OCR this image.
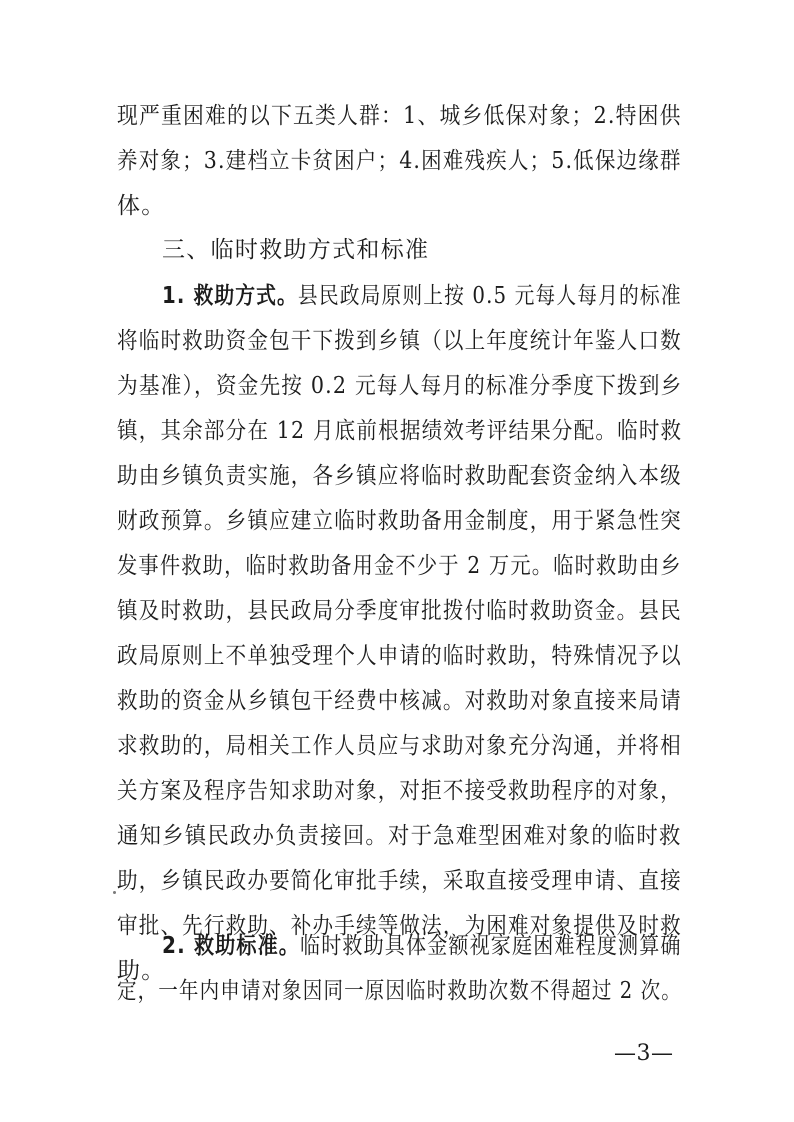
现严重困难的以下五类人群：1、城乡低保对象；2.特困供
养对象；3.建档立卡贫困户；4.困难残疾人；5.低保边缘群
体。
三、临时救助方式和标准
1. 救助方式。县民政局原则上按 0.5 元每人每月的标准
将临时救助资金包干下拨到乡镇（以上年度统计年鉴人口数
为基准），资金先按 0.2 元每人每月的标准分季度下拨到乡
镇，其余部分在 12 月底前根据绩效考评结果分配。临时救
助由乡镇负责实施，各乡镇应将临时救助配套资金纳入本级
财政预算。乡镇应建立临时救助备用金制度，用于紧急性突
发事件救助，临时救助备用金不少于 2 万元。临时救助由乡
镇及时救助，县民政局分季度审批拨付临时救助资金。县民
政局原则上不单独受理个人申请的临时救助，特殊情况予以
救助的资金从乡镇包干经费中核减。对救助对象直接来局请
求救助的，局相关工作人员应与求助对象充分沟通，并将相
关方案及程序告知求助对象，对拒不接受救助程序的对象，
通知乡镇民政办负责接回。对于急难型困难对象的临时救
助，乡镇民政办要简化审批手续，采取直接受理申请、直接
审批、先行救助、补办手续等做法，为困难对象提供及时救
助。
2. 救助标准。临时救助具体金额视家庭困难程度测算确
定，一年内申请对象因同一原因临时救助次数不得超过 2 次。
—3—
